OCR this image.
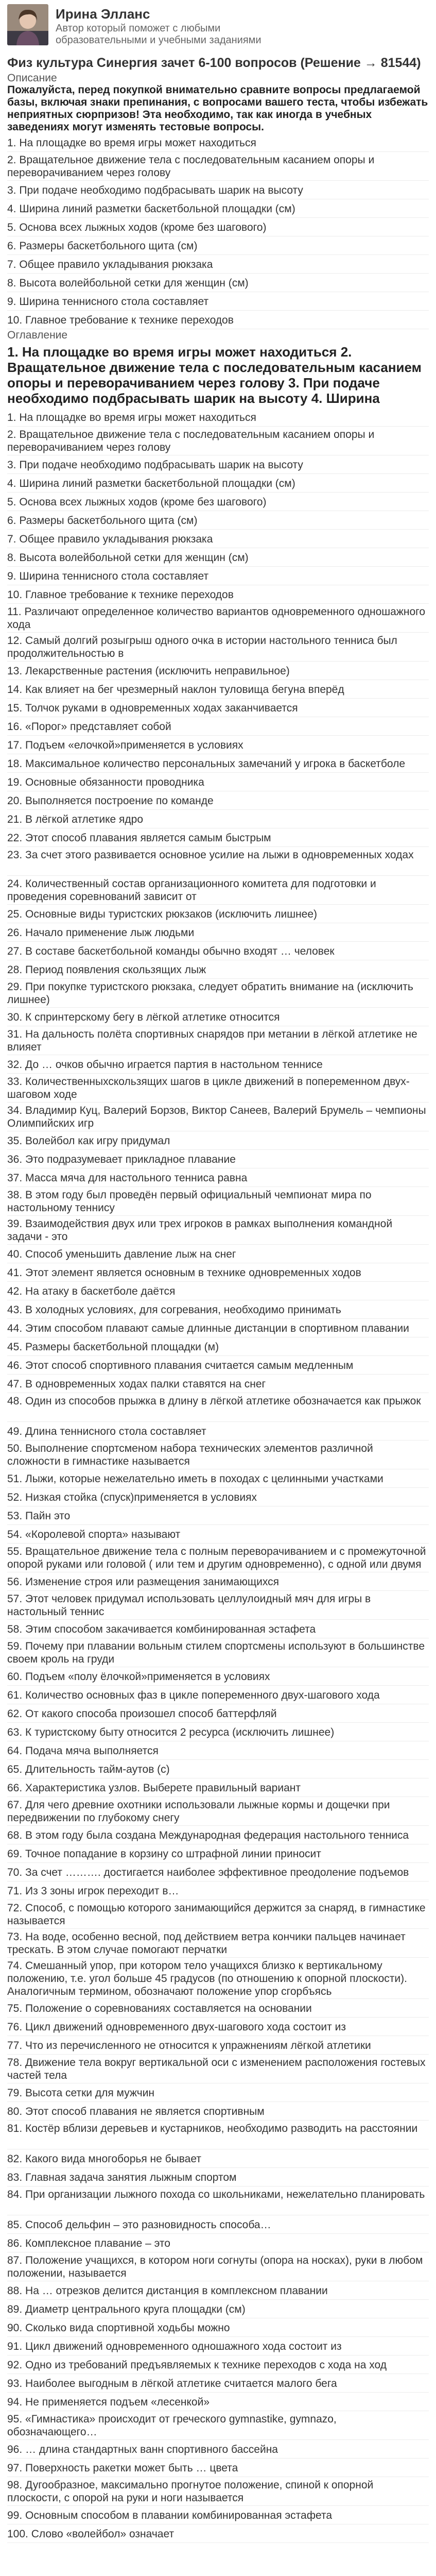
Ирина Элланс
Автор который поможет с любыми образовательными и учебными заданиями
Физ культура Синергия зачет 6-100 вопросов (Решение → 81544)
Описание
Пожалуйста, перед покупкой внимательно сравните вопросы предлагаемой базы, включая знаки препинания, с вопросами вашего теста, чтобы избежать неприятных сюрпризов! Эта необходимо, так как иногда в учебных заведениях могут изменять тестовые вопросы.
1. На площадке во время игры может находиться
2. Вращательное движение тела с последовательным касанием опоры и переворачиванием через голову
3. При подаче необходимо подбрасывать шарик на высоту
4. Ширина линий разметки баскетбольной площадки (см)
5. Основа всех лыжных ходов (кроме без шагового)
6. Размеры баскетбольного щита (см)
7. Общее правило укладывания рюкзака
8. Высота волейбольной сетки для женщин (см)
9. Ширина теннисного стола составляет
10. Главное требование к технике переходов
Оглавление
1. На площадке во время игры может находиться 2. Вращательное движение тела с последовательным касанием опоры и переворачиванием через голову 3. При подаче необходимо подбрасывать шарик на высоту 4. Ширина
1. На площадке во время игры может находиться
2. Вращательное движение тела с последовательным касанием опоры и переворачиванием через голову
3. При подаче необходимо подбрасывать шарик на высоту
4. Ширина линий разметки баскетбольной площадки (см)
5. Основа всех лыжных ходов (кроме без шагового)
6. Размеры баскетбольного щита (см)
7. Общее правило укладывания рюкзака
8. Высота волейбольной сетки для женщин (см)
9. Ширина теннисного стола составляет
10. Главное требование к технике переходов
11. Различают определенное количество вариантов одновременного одношажного хода
12. Самый долгий розыгрыш одного очка в истории настольного тенниса был продолжительностью в
13. Лекарственные растения (исключить неправильное)
14. Как влияет на бег чрезмерный наклон туловища бегуна вперёд
15. Толчок руками в одновременных ходах заканчивается
16. «Порог» представляет собой
17. Подъем «елочкой»применяется в условиях
18. Максимальное количество персональных замечаний у игрока в баскетболе
19. Основные обязанности проводника
20. Выполняется построение по команде
21. В лёгкой атлетике ядро
22. Этот способ плавания является самым быстрым
23. За счет этого развивается основное усилие на лыжи в одновременных ходах
24. Количественный состав организационного комитета для подготовки и проведения соревнований зависит от
25. Основные виды туристских рюкзаков (исключить лишнее)
26. Начало применение лыж людьми
27. В составе баскетбольной команды обычно входят … человек
28. Период появления скользящих лыж
29. При покупке туристского рюкзака, следует обратить внимание на (исключить лишнее)
30. К спринтерскому бегу в лёгкой атлетике относится
31. На дальность полёта спортивных снарядов при метании в лёгкой атлетике не влияет
32. До … очков обычно играется партия в настольном теннисе
33. Количественныхскользящих шагов в цикле движений в попеременном двух-шаговом ходе
34. Владимир Куц, Валерий Борзов, Виктор Санеев, Валерий Брумель – чемпионы Олимпийских игр
35. Волейбол как игру придумал
36. Это подразумевает прикладное плавание
37. Масса мяча для настольного тенниса равна
38. В этом году был проведён первый официальный чемпионат мира по настольному теннису
39. Взаимодействия двух или трех игроков в рамках выполнения командной задачи - это
40. Способ уменьшить давление лыж на снег
41. Этот элемент является основным в технике одновременных ходов
42. На атаку в баскетболе даётся
43. В холодных условиях, для согревания, необходимо принимать
44. Этим способом плавают самые длинные дистанции в спортивном плавании
45. Размеры баскетбольной площадки (м)
46. Этот способ спортивного плавания считается самым медленным
47. В одновременных ходах палки ставятся на снег
48. Один из способов прыжка в длину в лёгкой атлетике обозначается как прыжок
49. Длина теннисного стола составляет
50. Выполнение спортсменом набора технических элементов различной сложности в гимнастике называется
51. Лыжи, которые нежелательно иметь в походах с целинными участками
52. Низкая стойка (спуск)применяется в условиях
53. Пайн это
54. «Королевой спорта» называют
55. Вращательное движение тела с полным переворачиванием и с промежуточной опорой руками или головой ( или тем и другим одновременно), с одной или двумя
56. Изменение строя или размещения занимающихся
57. Этот человек придумал использовать целлулоидный мяч для игры в настольный теннис
58. Этим способом закачивается комбинированная эстафета
59. Почему при плавании вольным стилем спортсмены используют в большинстве своем кроль на груди
60. Подъем «полу ёлочкой»применяется в условиях
61. Количество основных фаз в цикле попеременного двух-шагового хода
62. От какого способа произошел способ баттерфляй
63. К туристскому быту относится 2 ресурса (исключить лишнее)
64. Подача мяча выполняется
65. Длительность тайм-аутов (с)
66. Характеристика узлов. Выберете правильный вариант
67. Для чего древние охотники использовали лыжные кормы и дощечки при передвижении по глубокому снегу
68. В этом году была создана Международная федерация настольного тенниса
69. Точное попадание в корзину со штрафной линии приносит
70. За счет ………. достигается наиболее эффективное преодоление подъемов
71. Из 3 зоны игрок переходит в…
72. Способ, с помощью которого занимающийся держится за снаряд, в гимнастике называется
73. На воде, особенно весной, под действием ветра кончики пальцев начинает трескать. В этом случае помогают перчатки
74. Смешанный упор, при котором тело учащихся близко к вертикальному положению, т.е. угол больше 45 градусов (по отношению к опорной плоскости). Аналогичным термином, обозначают положение упор сгорбъясь
75. Положение о соревнованиях составляется на основании
76. Цикл движений одновременного двух-шагового хода состоит из
77. Что из перечисленного не относится к упражнениям лёгкой атлетики
78. Движение тела вокруг вертикальной оси с изменением расположения гостевых частей тела
79. Высота сетки для мужчин
80. Этот способ плавания не является спортивным
81. Костёр вблизи деревьев и кустарников, необходимо разводить на расстоянии
82. Какого вида многоборья не бывает
83. Главная задача занятия лыжным спортом
84. При организации лыжного похода со школьниками, нежелательно планировать
85. Способ дельфин – это разновидность способа…
86. Комплексное плавание – это
87. Положение учащихся, в котором ноги согнуты (опора на носках), руки в любом положении, называется
88. На … отрезков делится дистанция в комплексном плавании
89. Диаметр центрального круга площадки (см)
90. Сколько вида спортивной ходьбы можно
91. Цикл движений одновременного одношажного хода состоит из
92. Одно из требований предъявляемых к технике переходов с хода на ход
93. Наиболее выгодным в лёгкой атлетике считается малого бега
94. Не применяется подъем «лесенкой»
95. «Гимнастика» происходит от греческого gymnastike, gymnazo, обозначающего…
96. … длина стандартных ванн спортивного бассейна
97. Поверхность ракетки может быть … цвета
98. Дугообразное, максимально прогнутое положение, спиной к опорной плоскости, с опорой на руки и ноги называется
99. Основным способом в плавании комбинированная эстафета
100. Слово «волейбол» означает
